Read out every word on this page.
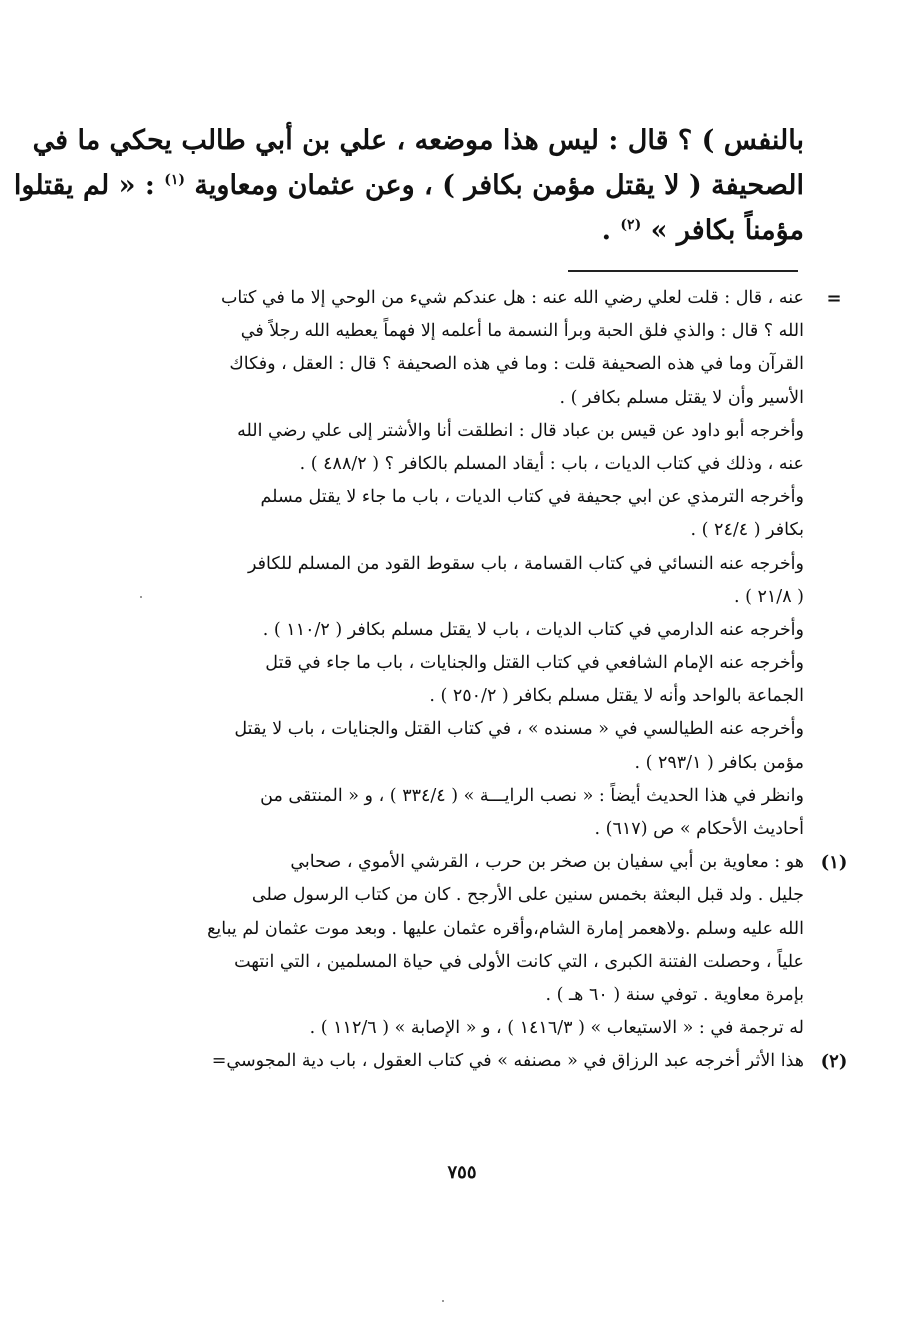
بالنفس ) ؟ قال : ليس هذا موضعه ، علي بن أبي طالب يحكي ما في
الصحيفة ( لا يقتل مؤمن بكافر ) ، وعن عثمان ومعاوية $^{(١)}$ : « لم يقتلوا
مؤمناً بكافر » $^{(٢)}$ .
=
عنه ، قال : قلت لعلي رضي الله عنه : هل عندكم شيء من الوحي إلا ما في كتاب
الله ؟ قال : والذي فلق الحبة وبرأ النسمة ما أعلمه إلا فهماً يعطيه الله رجلاً في
القرآن وما في هذه الصحيفة قلت : وما في هذه الصحيفة ؟ قال : العقل ، وفكاك
الأسير وأن لا يقتل مسلم بكافر ) .
وأخرجه أبو داود عن قيس بن عباد قال : انطلقت أنا والأشتر إلى علي رضي الله
عنه ، وذلك في كتاب الديات ، باب : أيقاد المسلم بالكافر ؟ ( ٤٨٨/٢ ) .
وأخرجه الترمذي عن ابي جحيفة في كتاب الديات ، باب ما جاء لا يقتل مسلم
بكافر ( ٢٤/٤ ) .
وأخرجه عنه النسائي في كتاب القسامة ، باب سقوط القود من المسلم للكافر
( ٢١/٨ ) .
وأخرجه عنه الدارمي في كتاب الديات ، باب لا يقتل مسلم بكافر ( ١١٠/٢ ) .
وأخرجه عنه الإمام الشافعي في كتاب القتل والجنايات ، باب ما جاء في قتل
الجماعة بالواحد وأنه لا يقتل مسلم بكافر ( ٢٥٠/٢ ) .
وأخرجه عنه الطيالسي في « مسنده » ، في كتاب القتل والجنايات ، باب لا يقتل
مؤمن بكافر ( ٢٩٣/١ ) .
وانظر في هذا الحديث أيضاً : « نصب الرايـــة » ( ٣٣٤/٤ ) ، و « المنتقى من
أحاديث الأحكام » ص (٦١٧) .
(١)
هو : معاوية بن أبي سفيان بن صخر بن حرب ، القرشي الأموي ، صحابي
جليل . ولد قبل البعثة بخمس سنين على الأرجح . كان من كتاب الرسول صلى
الله عليه وسلم .ولاهعمر إمارة الشام،وأقره عثمان عليها . وبعد موت عثمان لم يبايع
علياً ، وحصلت الفتنة الكبرى ، التي كانت الأولى في حياة المسلمين ، التي انتهت
بإمرة معاوية . توفي سنة ( ٦٠ هـ ) .
له ترجمة في : « الاستيعاب » ( ١٤١٦/٣ ) ، و « الإصابة » ( ١١٢/٦ ) .
(٢)
هذا الأثر أخرجه عبد الرزاق في « مصنفه » في كتاب العقول ، باب دية المجوسي=
٧٥٥
